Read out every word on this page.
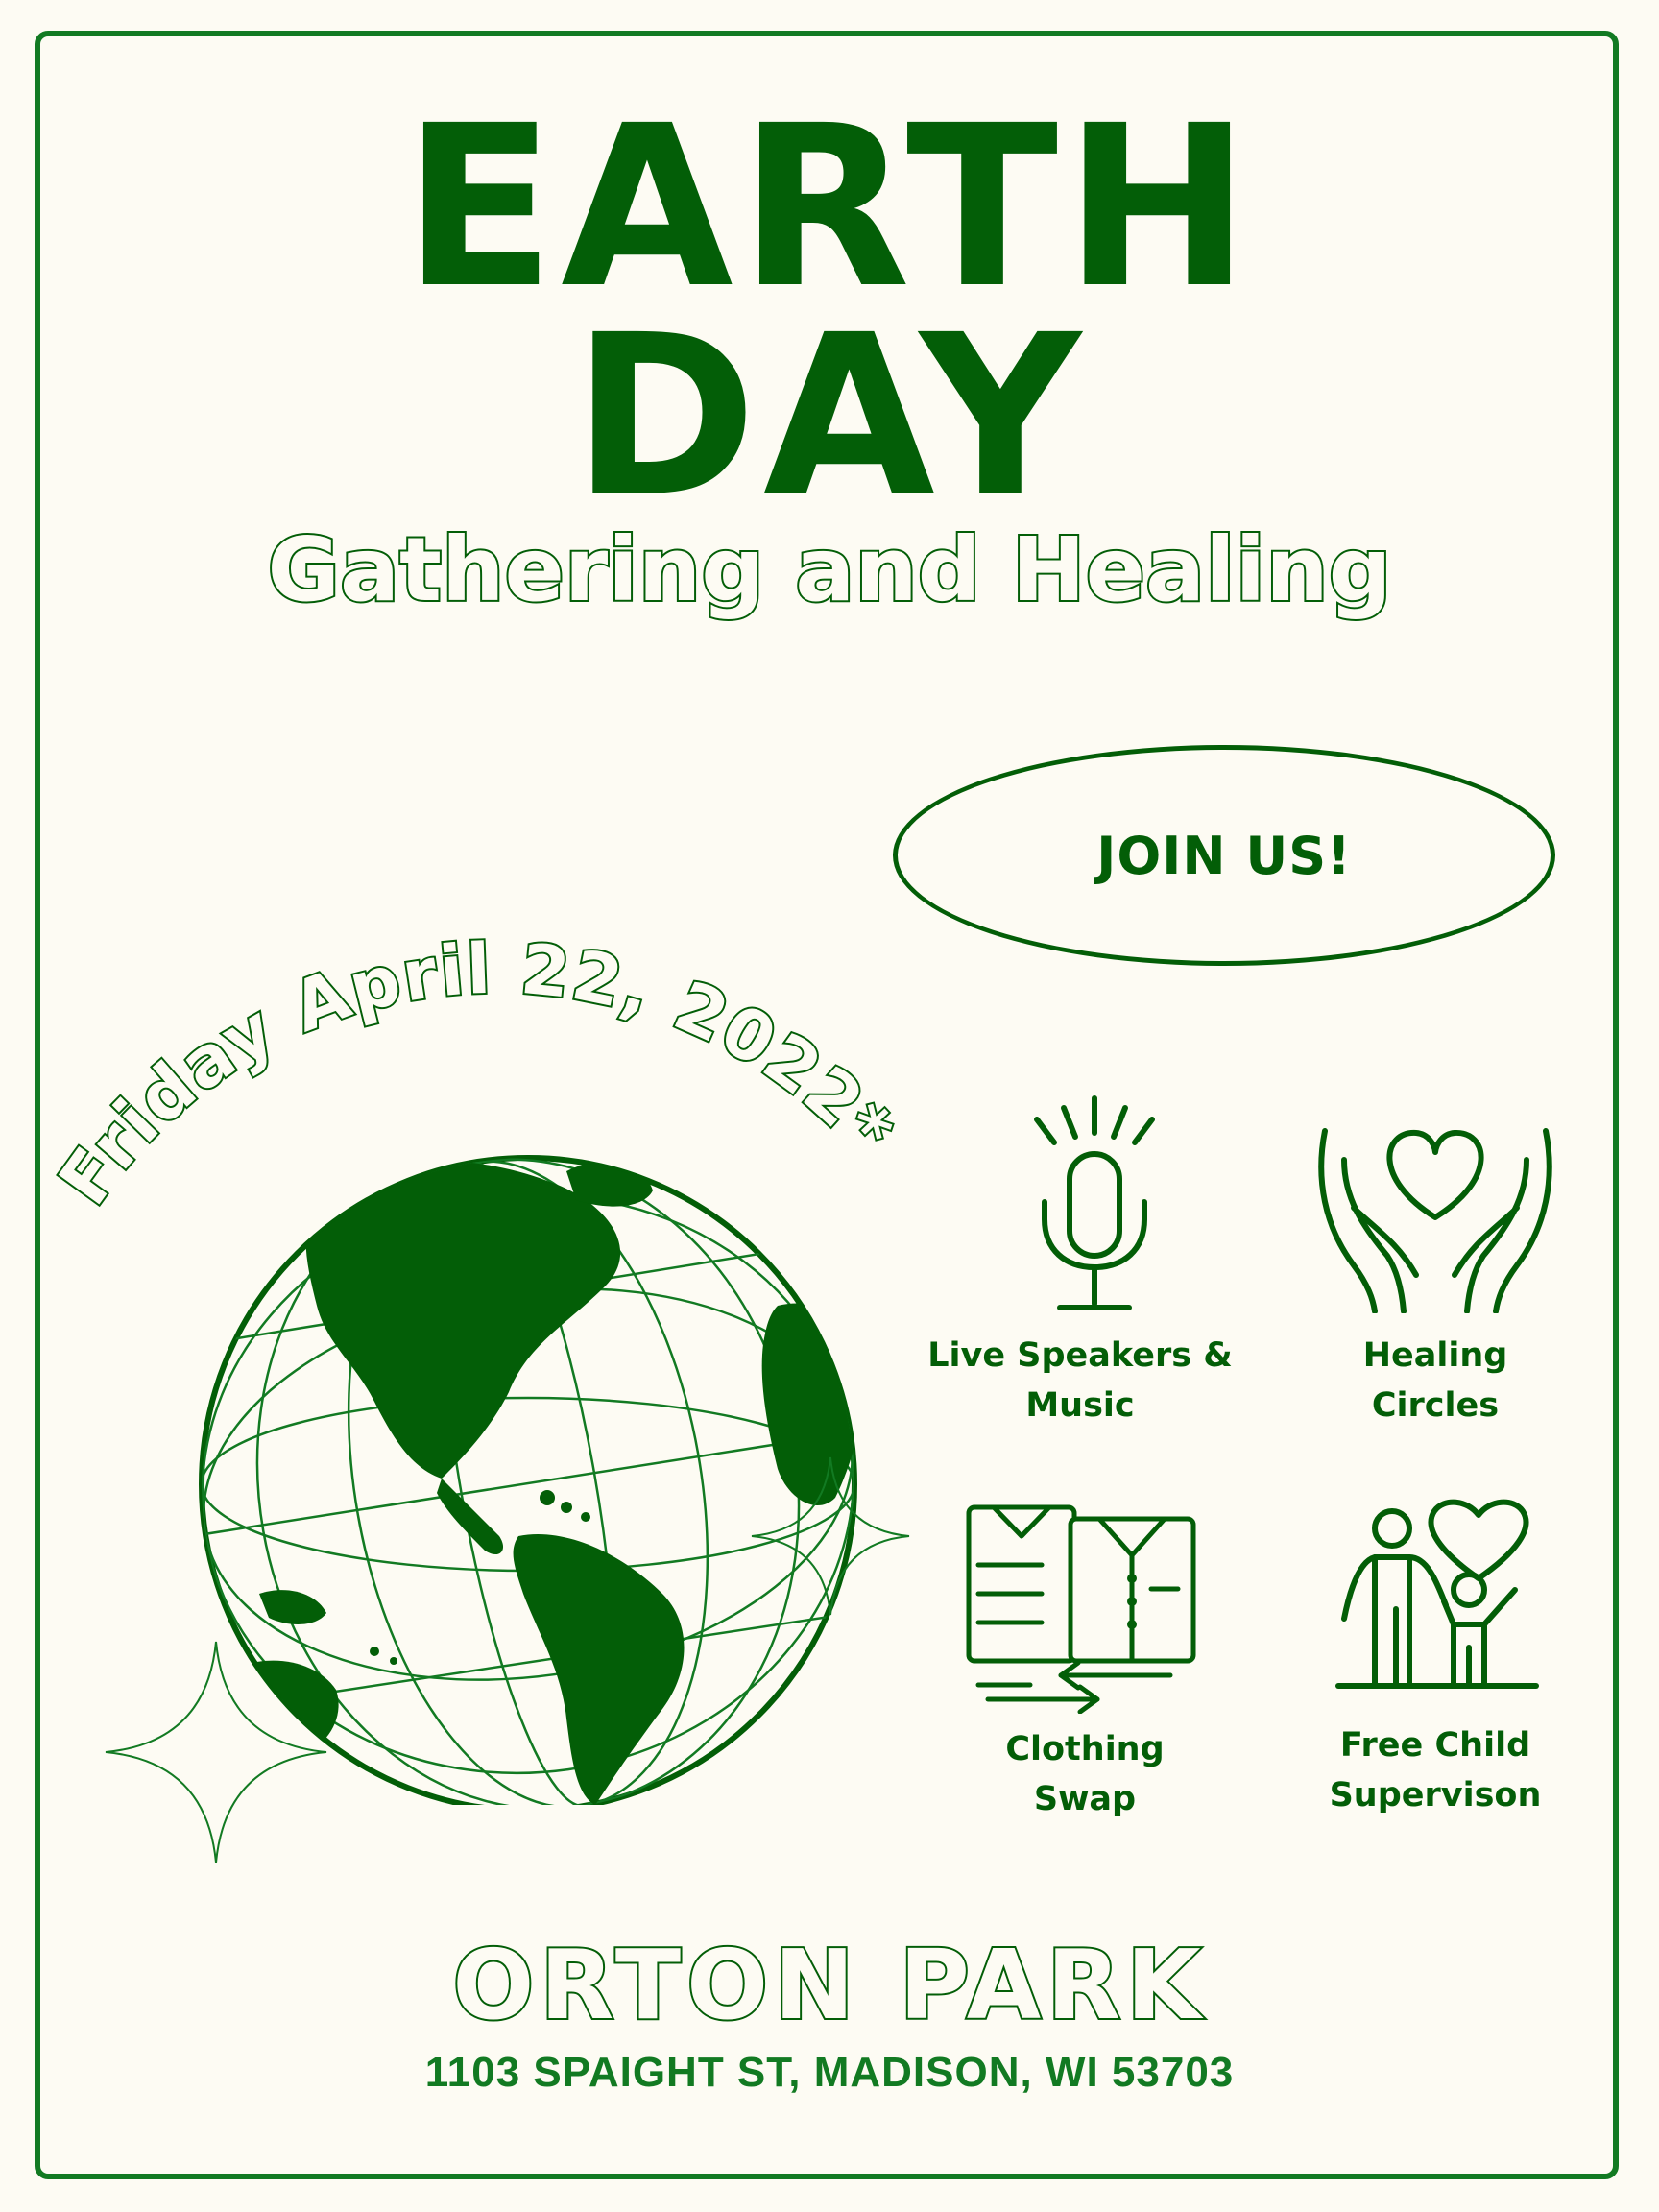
EARTH
DAY
Gathering and Healing
JOIN US!
Friday April 22, 2022*

Live Speakers &
Music

Healing
Circles

Clothing
Swap

Free Child
Supervison

ORTON PARK

1103 SPAIGHT ST, MADISON, WI 53703
